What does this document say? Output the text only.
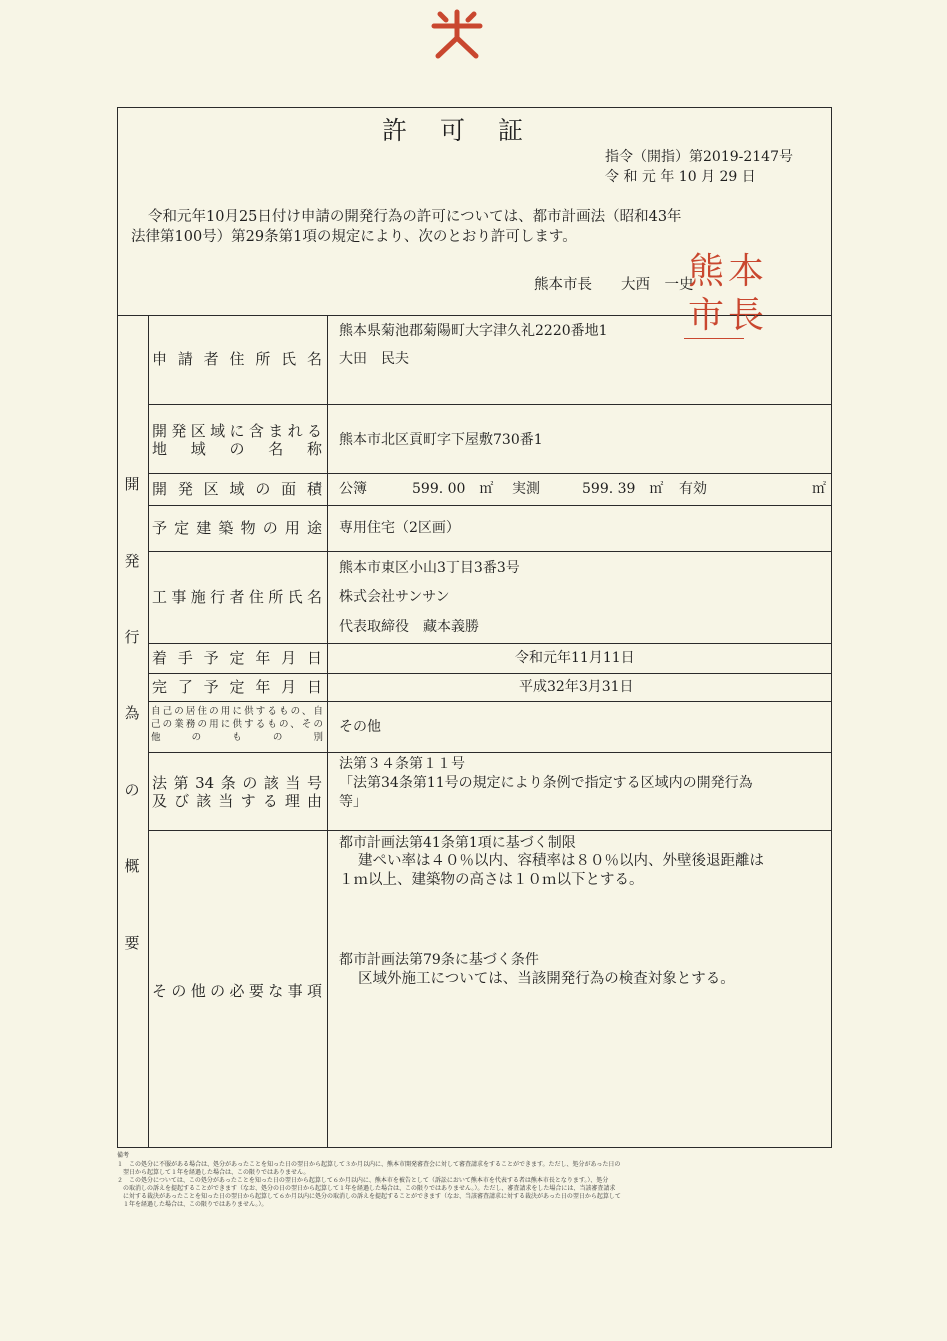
許　可　証
指令（開指）第2019-2147号
令 和 元 年 10 月 29 日
令和元年10月25日付け申請の開発行為の許可については、都市計画法（昭和43年
法律第100号）第29条第1項の規定により、次のとおり許可します。
熊本市長　　大西　一史
熊 本
市 長
開
発
行
為
の
概
要
申請者住所氏名
熊本県菊池郡菊陽町大字津久礼2220番地1
大田　民夫
開発区域に含まれる
地域の名称 熊本市北区貢町字下屋敷730番1
開発区域の面積 公簿	599. 00　㎡ 実測	599. 39　㎡ 有効	㎡
予定建築物の用途 専用住宅（2区画）
工事施行者住所氏名
熊本市東区小山3丁目3番3号
株式会社サンサン
代表取締役　藏本義勝
着手予定年月日	令和元年11月11日
完了予定年月日	平成32年3月31日
自己の居住の用に供するもの、自
己の業務の用に供するもの、その
他のもの別
その他
法第34条の該当号
及び該当する理由
法第３４条第１１号
「法第34条第11号の規定により条例で指定する区域内の開発行為
等」
その他の必要な事項
都市計画法第41条第1項に基づく制限
建ぺい率は４０％以内、容積率は８０％以内、外壁後退距離は
１ｍ以上、建築物の高さは１０ｍ以下とする。
都市計画法第79条に基づく条件
区域外施工については、当該開発行為の検査対象とする。
備考
１　この処分に不服がある場合は、処分があったことを知った日の翌日から起算して３か月以内に、熊本市開発審査会に対して審査請求をすることができます。ただし、処分があった日の
　翌日から起算して１年を経過した場合は、この限りではありません。
２　この処分については、この処分があったことを知った日の翌日から起算して６か月以内に、熊本市を被告として（訴訟において熊本市を代表する者は熊本市長となります。）、処分
　の取消しの訴えを提起することができます（なお、処分の日の翌日から起算して１年を経過した場合は、この限りではありません。）。ただし、審査請求をした場合には、当該審査請求
　に対する裁決があったことを知った日の翌日から起算して６か月以内に処分の取消しの訴えを提起することができます（なお、当該審査請求に対する裁決があった日の翌日から起算して
　１年を経過した場合は、この限りではありません。）。
